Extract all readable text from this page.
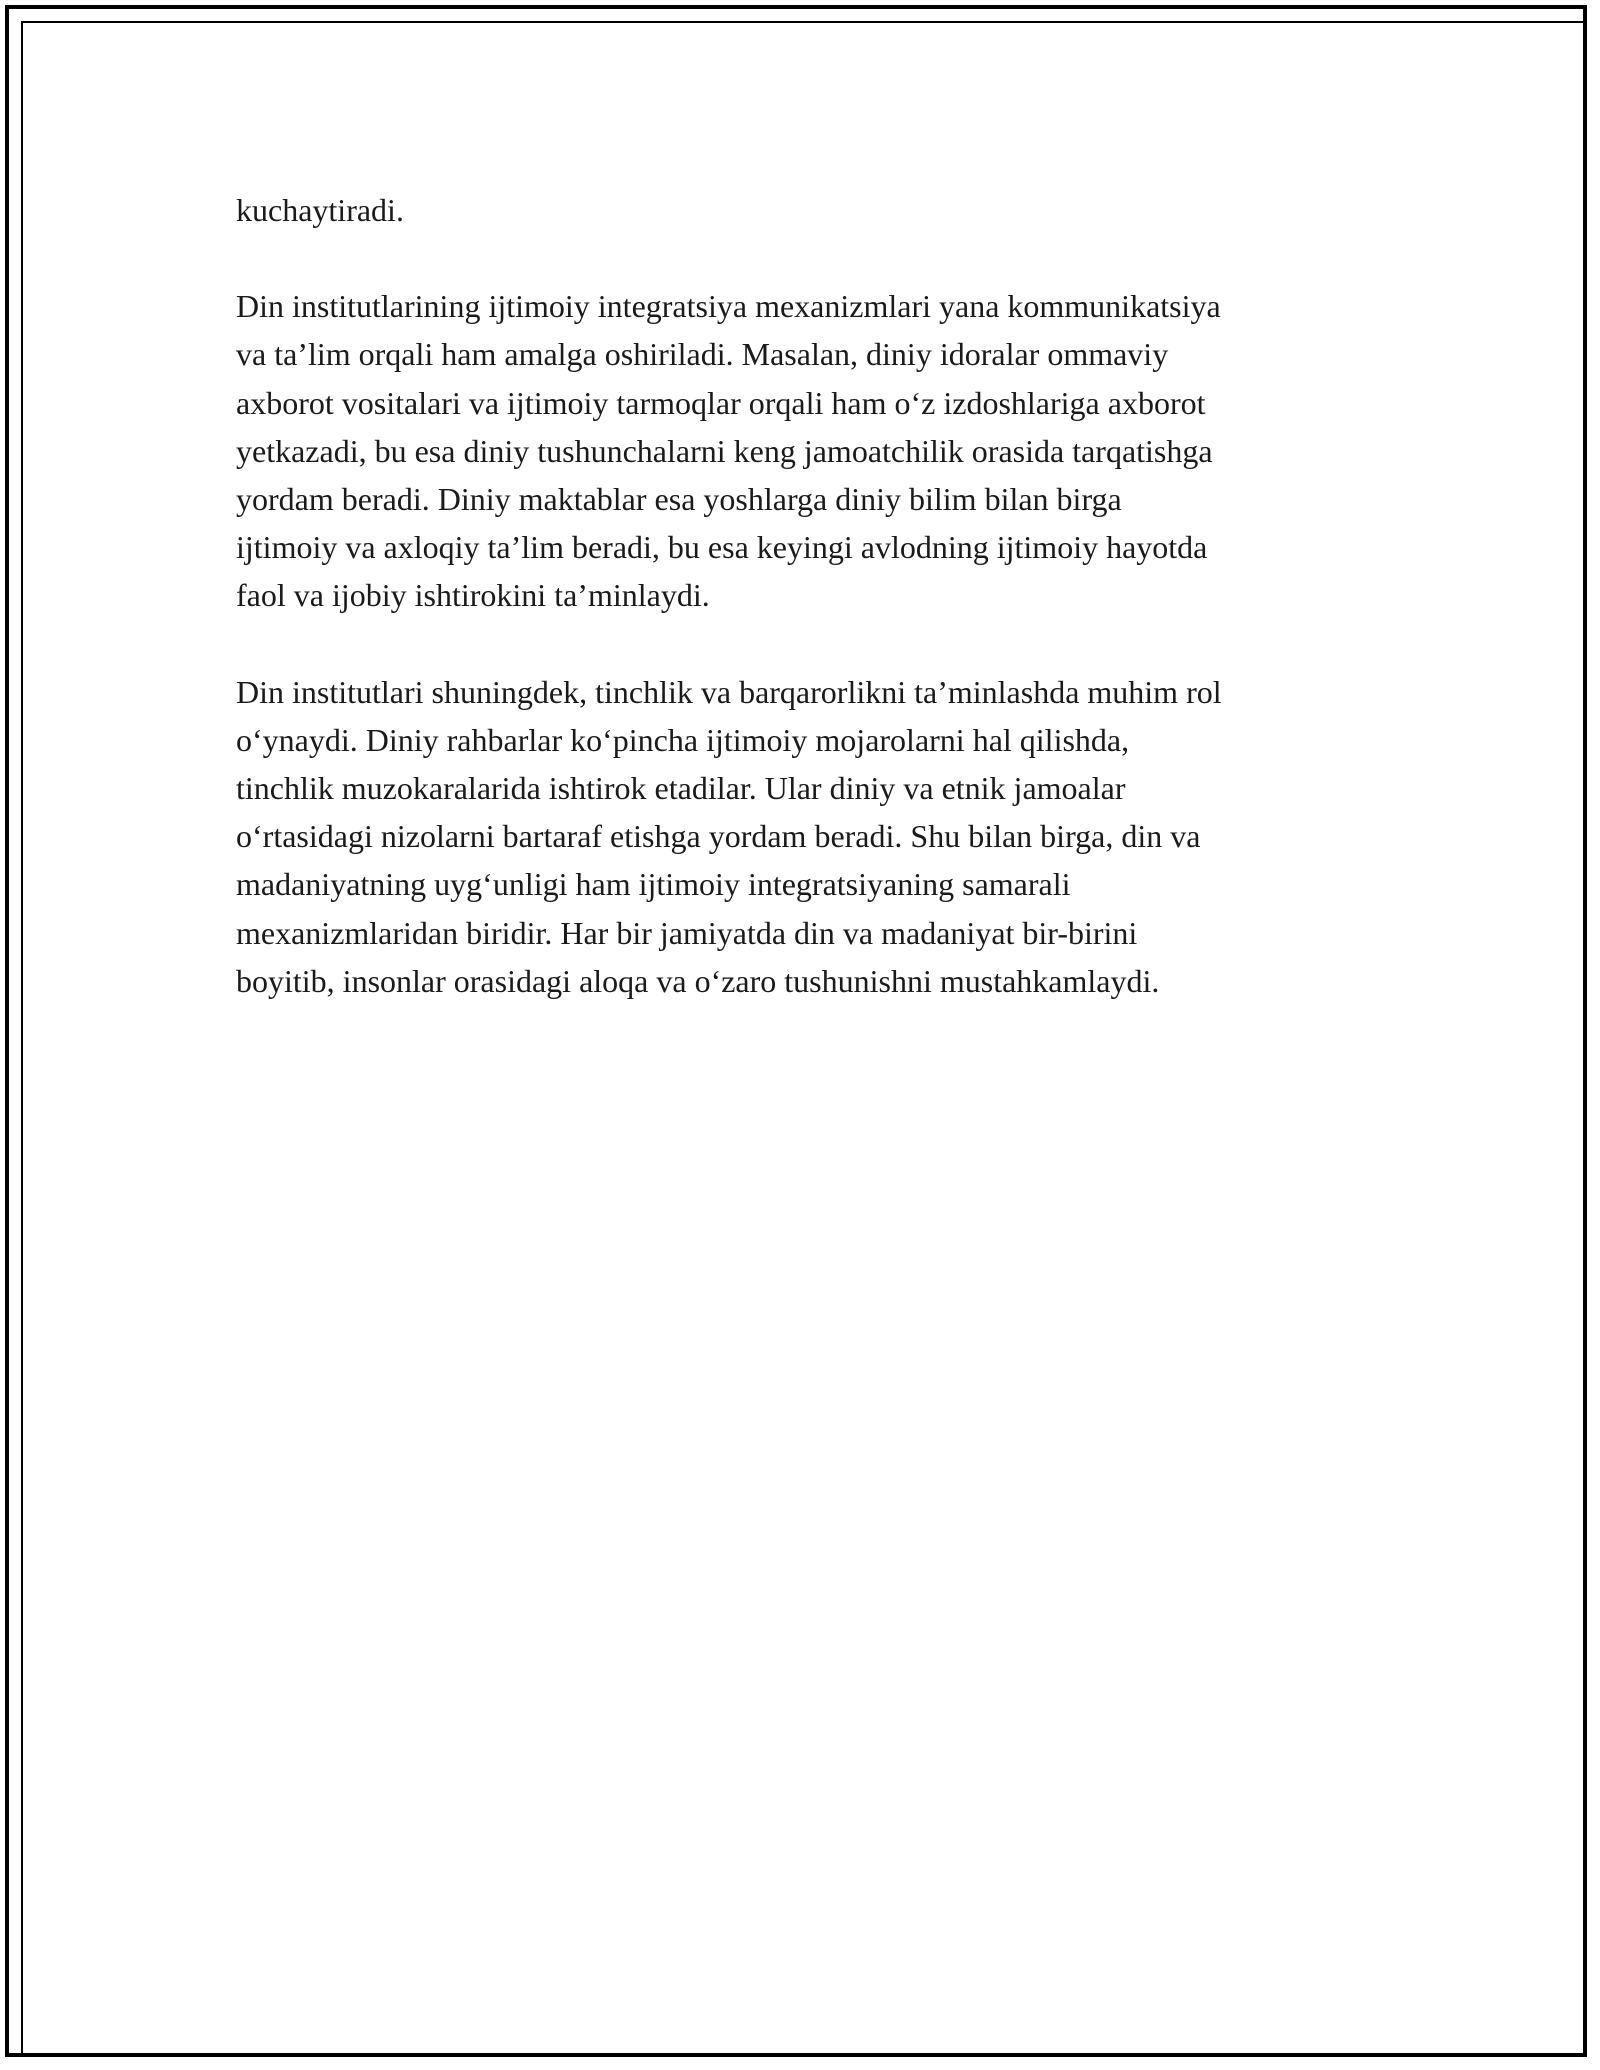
kuchaytiradi.

Din institutlarining ijtimoiy integratsiya mexanizmlari yana kommunikatsiya
va ta’lim orqali ham amalga oshiriladi. Masalan, diniy idoralar ommaviy
axborot vositalari va ijtimoiy tarmoqlar orqali ham o‘z izdoshlariga axborot
yetkazadi, bu esa diniy tushunchalarni keng jamoatchilik orasida tarqatishga
yordam beradi. Diniy maktablar esa yoshlarga diniy bilim bilan birga
ijtimoiy va axloqiy ta’lim beradi, bu esa keyingi avlodning ijtimoiy hayotda
faol va ijobiy ishtirokini ta’minlaydi.

Din institutlari shuningdek, tinchlik va barqarorlikni ta’minlashda muhim rol
o‘ynaydi. Diniy rahbarlar ko‘pincha ijtimoiy mojarolarni hal qilishda,
tinchlik muzokaralarida ishtirok etadilar. Ular diniy va etnik jamoalar
o‘rtasidagi nizolarni bartaraf etishga yordam beradi. Shu bilan birga, din va
madaniyatning uyg‘unligi ham ijtimoiy integratsiyaning samarali
mexanizmlaridan biridir. Har bir jamiyatda din va madaniyat bir-birini
boyitib, insonlar orasidagi aloqa va o‘zaro tushunishni mustahkamlaydi.
